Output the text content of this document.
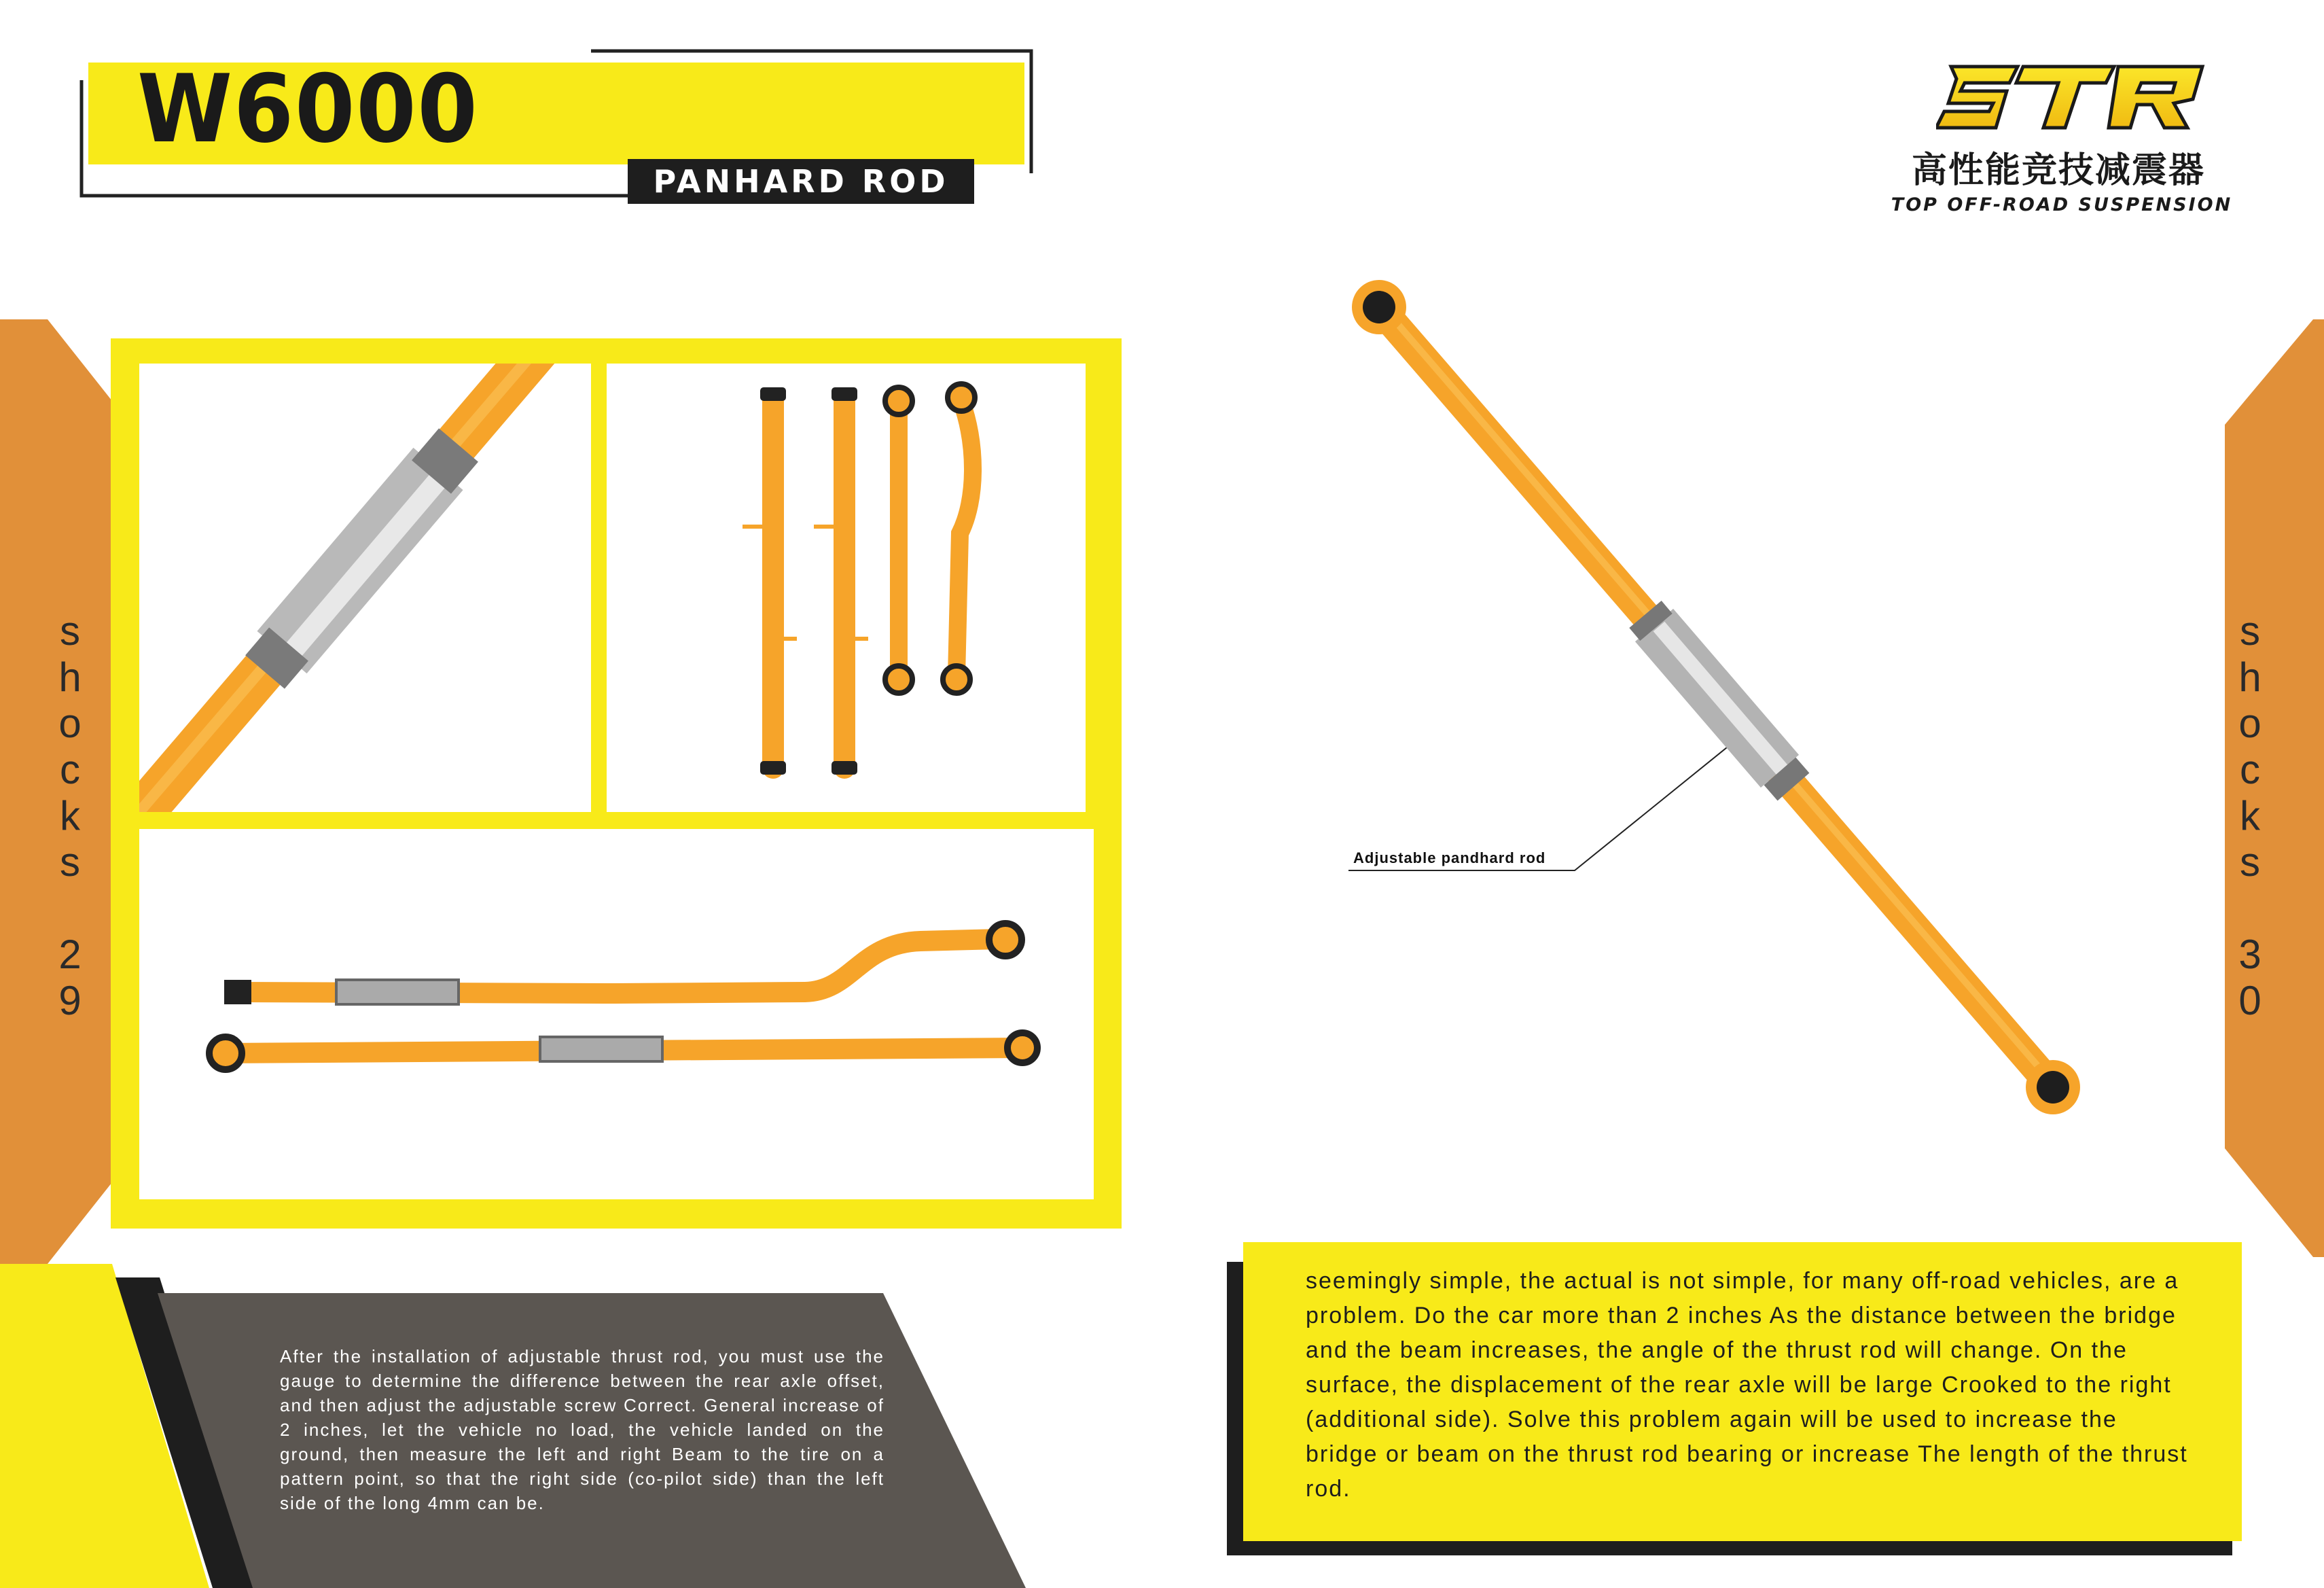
W6000
PANHARD ROD	高性能竞技减震器
TOP OFF-ROAD SUSPENSION
s
h
o
c
k
s

2
9
s
h
o
c
k
s

3
0
Adjustable pandhard rod
After the installation of adjustable thrust rod, you must use the gauge to determine the difference between the rear axle offset, and then adjust the adjustable screw Correct. General increase of 2 inches, let the vehicle no load, the vehicle landed on the ground, then measure the left and right Beam to the tire on a pattern point, so that the right side (co-pilot side) than the left side of the long 4mm can be.
seemingly simple, the actual is not simple, for many off-road vehicles, are a problem. Do the car more than 2 inches As the distance between the bridge and the beam increases, the angle of the thrust rod will change. On the surface, the displacement of the rear axle will be large Crooked to the right (additional side). Solve this problem again will be used to increase the bridge or beam on the thrust rod bearing or increase The length of the thrust rod.
